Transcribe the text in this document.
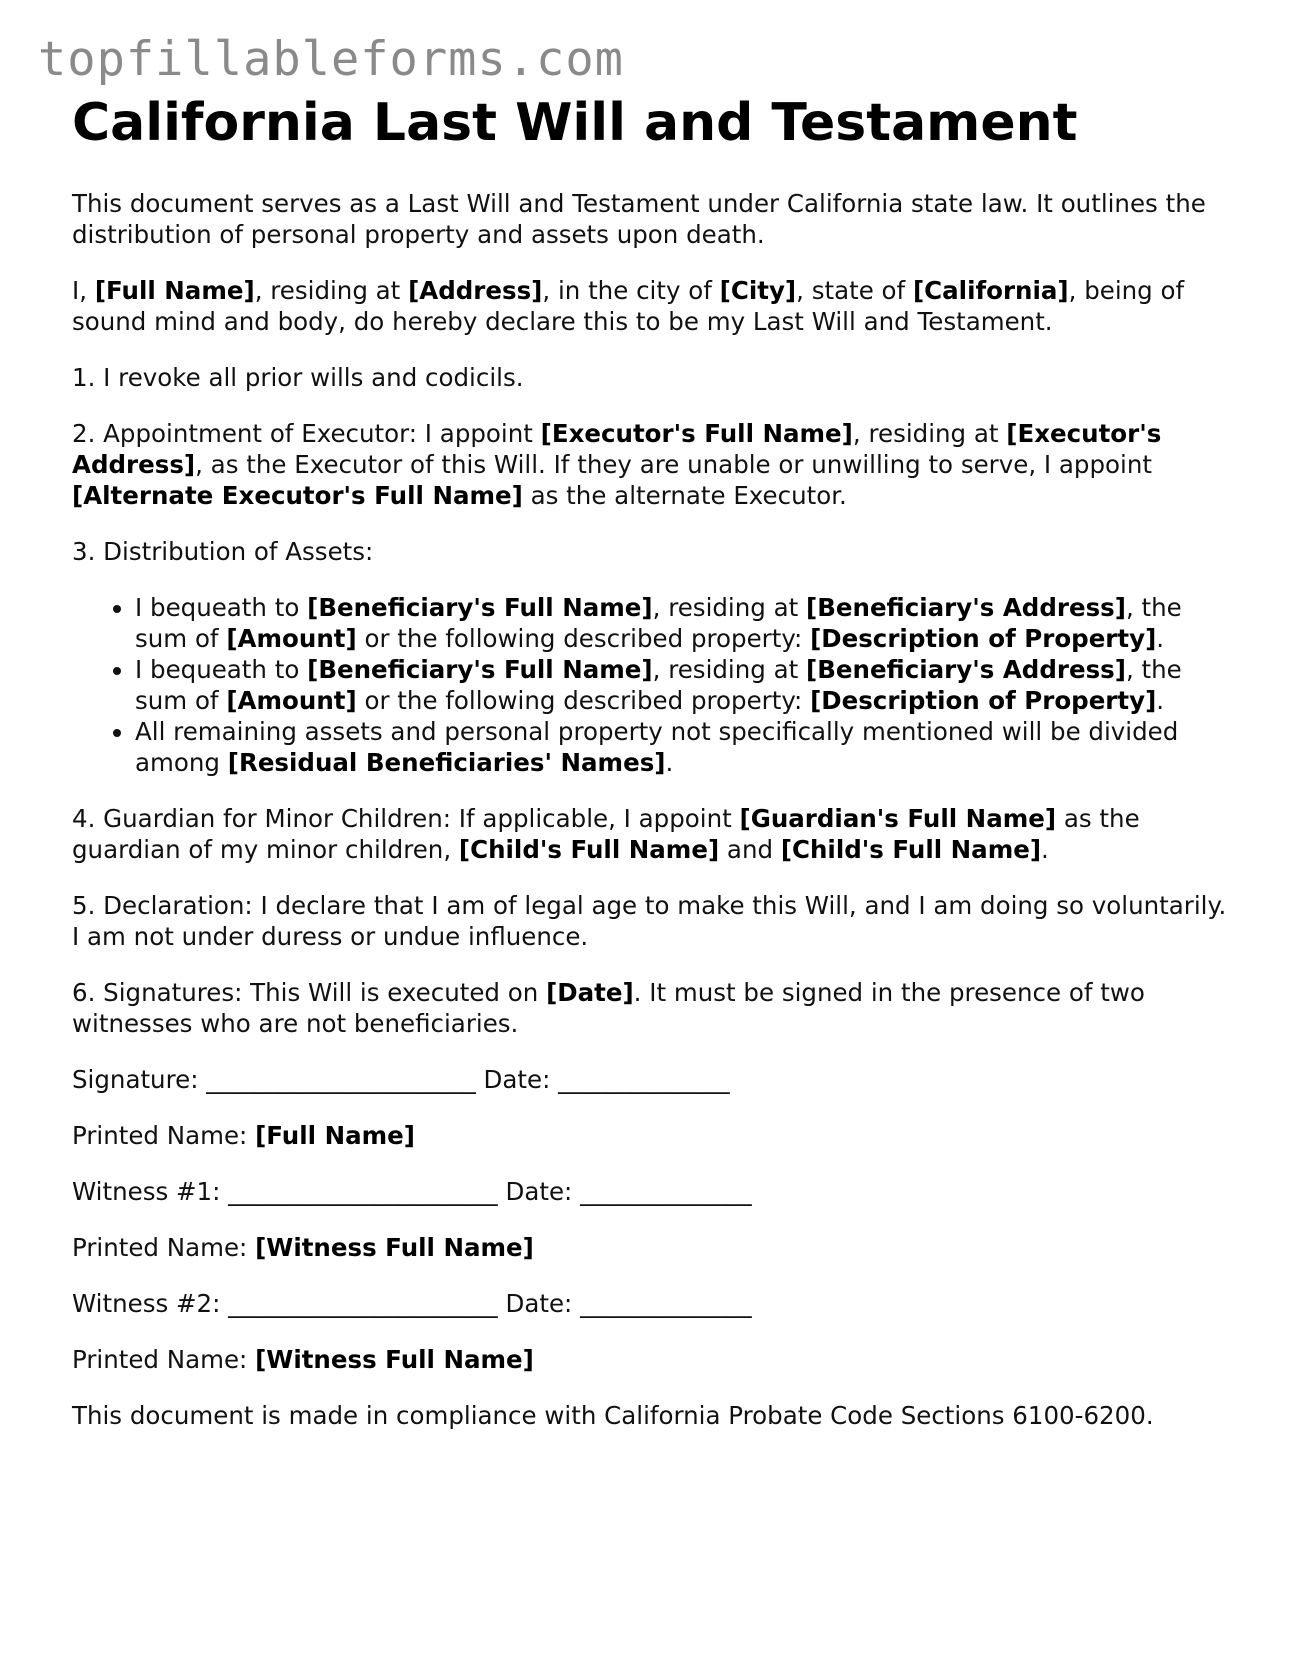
topfillableforms.com
California Last Will and Testament

This document serves as a Last Will and Testament under California state law. It outlines the distribution of personal property and assets upon death.

I, [Full Name], residing at [Address], in the city of [City], state of [California], being of sound mind and body, do hereby declare this to be my Last Will and Testament.

1. I revoke all prior wills and codicils.

2. Appointment of Executor: I appoint [Executor's Full Name], residing at [Executor's Address], as the Executor of this Will. If they are unable or unwilling to serve, I appoint [Alternate Executor's Full Name] as the alternate Executor.

3. Distribution of Assets:

• I bequeath to [Beneficiary's Full Name], residing at [Beneficiary's Address], the sum of [Amount] or the following described property: [Description of Property].
• I bequeath to [Beneficiary's Full Name], residing at [Beneficiary's Address], the sum of [Amount] or the following described property: [Description of Property].
• All remaining assets and personal property not specifically mentioned will be divided among [Residual Beneficiaries' Names].

4. Guardian for Minor Children: If applicable, I appoint [Guardian's Full Name] as the guardian of my minor children, [Child's Full Name] and [Child's Full Name].

5. Declaration: I declare that I am of legal age to make this Will, and I am doing so voluntarily. I am not under duress or undue influence.

6. Signatures: This Will is executed on [Date]. It must be signed in the presence of two witnesses who are not beneficiaries.

Signature: ______________________ Date: ______________

Printed Name: [Full Name]

Witness #1: ______________________ Date: ______________

Printed Name: [Witness Full Name]

Witness #2: ______________________ Date: ______________

Printed Name: [Witness Full Name]

This document is made in compliance with California Probate Code Sections 6100-6200.
